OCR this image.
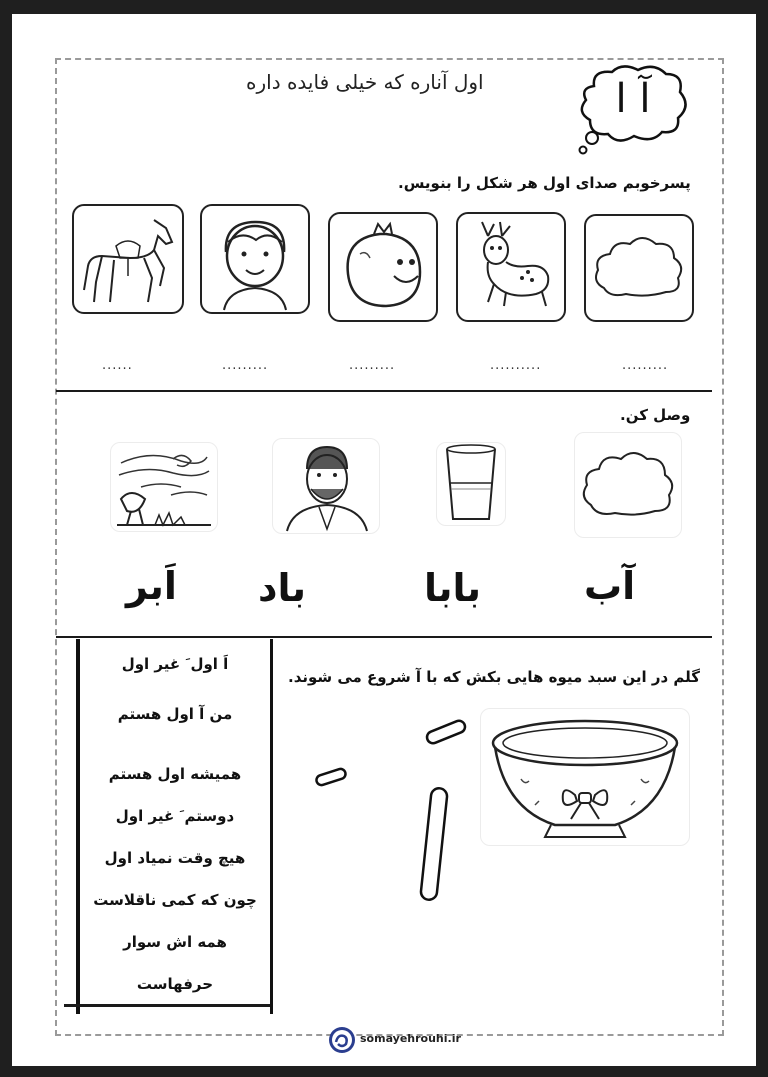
اول آناره که خیلی فایده داره	آ ا
پسرخوبم صدای اول هر شکل را بنویس.
.........
..........
.........
.........
......
وصل کن.
آب
بابا
باد
اَبر
گلم در این سبد میوه هایی بکش که با آ شروع می شوند.
اَ اول َ غیر اول
من آ اول هستم
همیشه اول هستم
دوستم َ غیر اول
هیچ وقت نمیاد اول
چون که کمی ناقلاست
همه اش سوار
حرفهاست
somayehrouhi.ir
